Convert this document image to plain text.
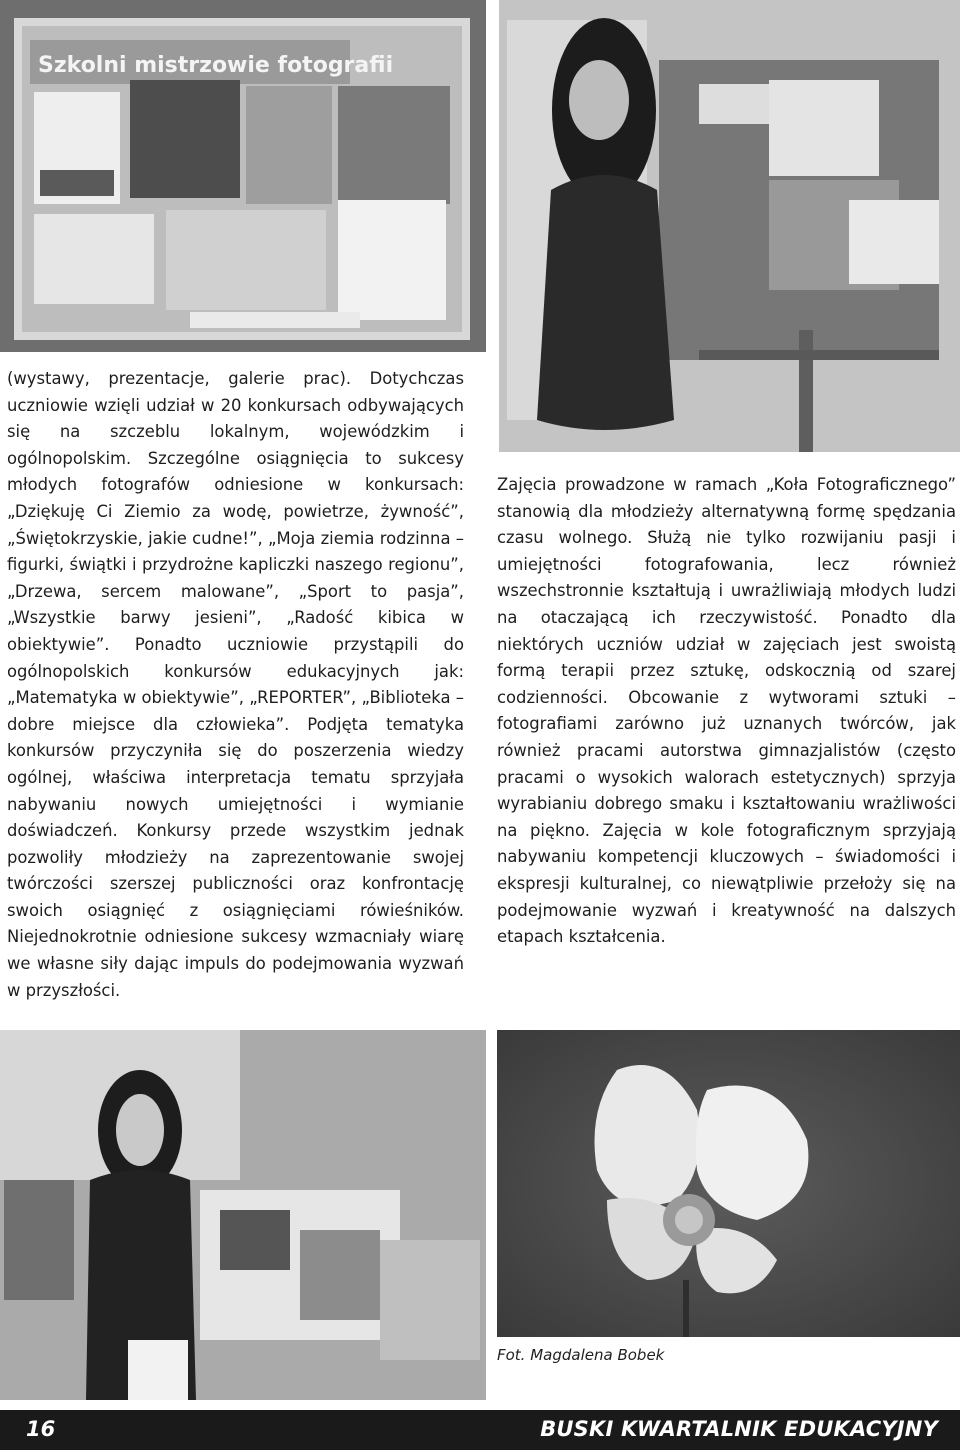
Szkolni mistrzowie fotografii

(wystawy, prezentacje, galerie prac). Dotychczas uczniowie wzięli udział w 20 konkursach odbywających się na szczeblu lokalnym, wojewódzkim i ogólnopolskim. Szczególne osiągnięcia to sukcesy młodych fotografów odniesione w konkursach: „Dziękuję Ci Ziemio za wodę, powietrze, żywność”, „Świętokrzyskie, jakie cudne!”, „Moja ziemia rodzinna – figurki, świątki i przydrożne kapliczki naszego regionu”, „Drzewa, sercem malowane”, „Sport to pasja”, „Wszystkie barwy jesieni”, „Radość kibica w obiektywie”. Ponadto uczniowie przystąpili do ogólnopolskich konkursów edukacyjnych jak: „Matematyka w obiektywie”, „REPORTER”, „Biblioteka – dobre miejsce dla człowieka”. Podjęta tematyka konkursów przyczyniła się do poszerzenia wiedzy ogólnej, właściwa interpretacja tematu sprzyjała nabywaniu nowych umiejętności i wymianie doświadczeń. Konkursy przede wszystkim jednak pozwoliły młodzieży na zaprezentowanie swojej twórczości szerszej publiczności oraz konfrontację swoich osiągnięć z osiągnięciami rówieśników. Niejednokrotnie odniesione sukcesy wzmacniały wiarę we własne siły dając impuls do podejmowania wyzwań w przyszłości.

Zajęcia prowadzone w ramach „Koła Fotograficznego” stanowią dla młodzieży alternatywną formę spędzania czasu wolnego. Służą nie tylko rozwijaniu pasji i umiejętności fotografowania, lecz również wszechstronnie kształtują i uwrażliwiają młodych ludzi na otaczającą ich rzeczywistość. Ponadto dla niektórych uczniów udział w zajęciach jest swoistą formą terapii przez sztukę, odskocznią od szarej codzienności. Obcowanie z wytworami sztuki – fotografiami zarówno już uznanych twórców, jak również pracami autorstwa gimnazjalistów (często pracami o wysokich walorach estetycznych) sprzyja wyrabianiu dobrego smaku i kształtowaniu wrażliwości na piękno. Zajęcia w kole fotograficznym sprzyjają nabywaniu kompetencji kluczowych – świadomości i ekspresji kulturalnej, co niewątpliwie przełoży się na podejmowanie wyzwań i kreatywność na dalszych etapach kształcenia.

Fot. Magdalena Bobek
16	BUSKI KWARTALNIK EDUKACYJNY
